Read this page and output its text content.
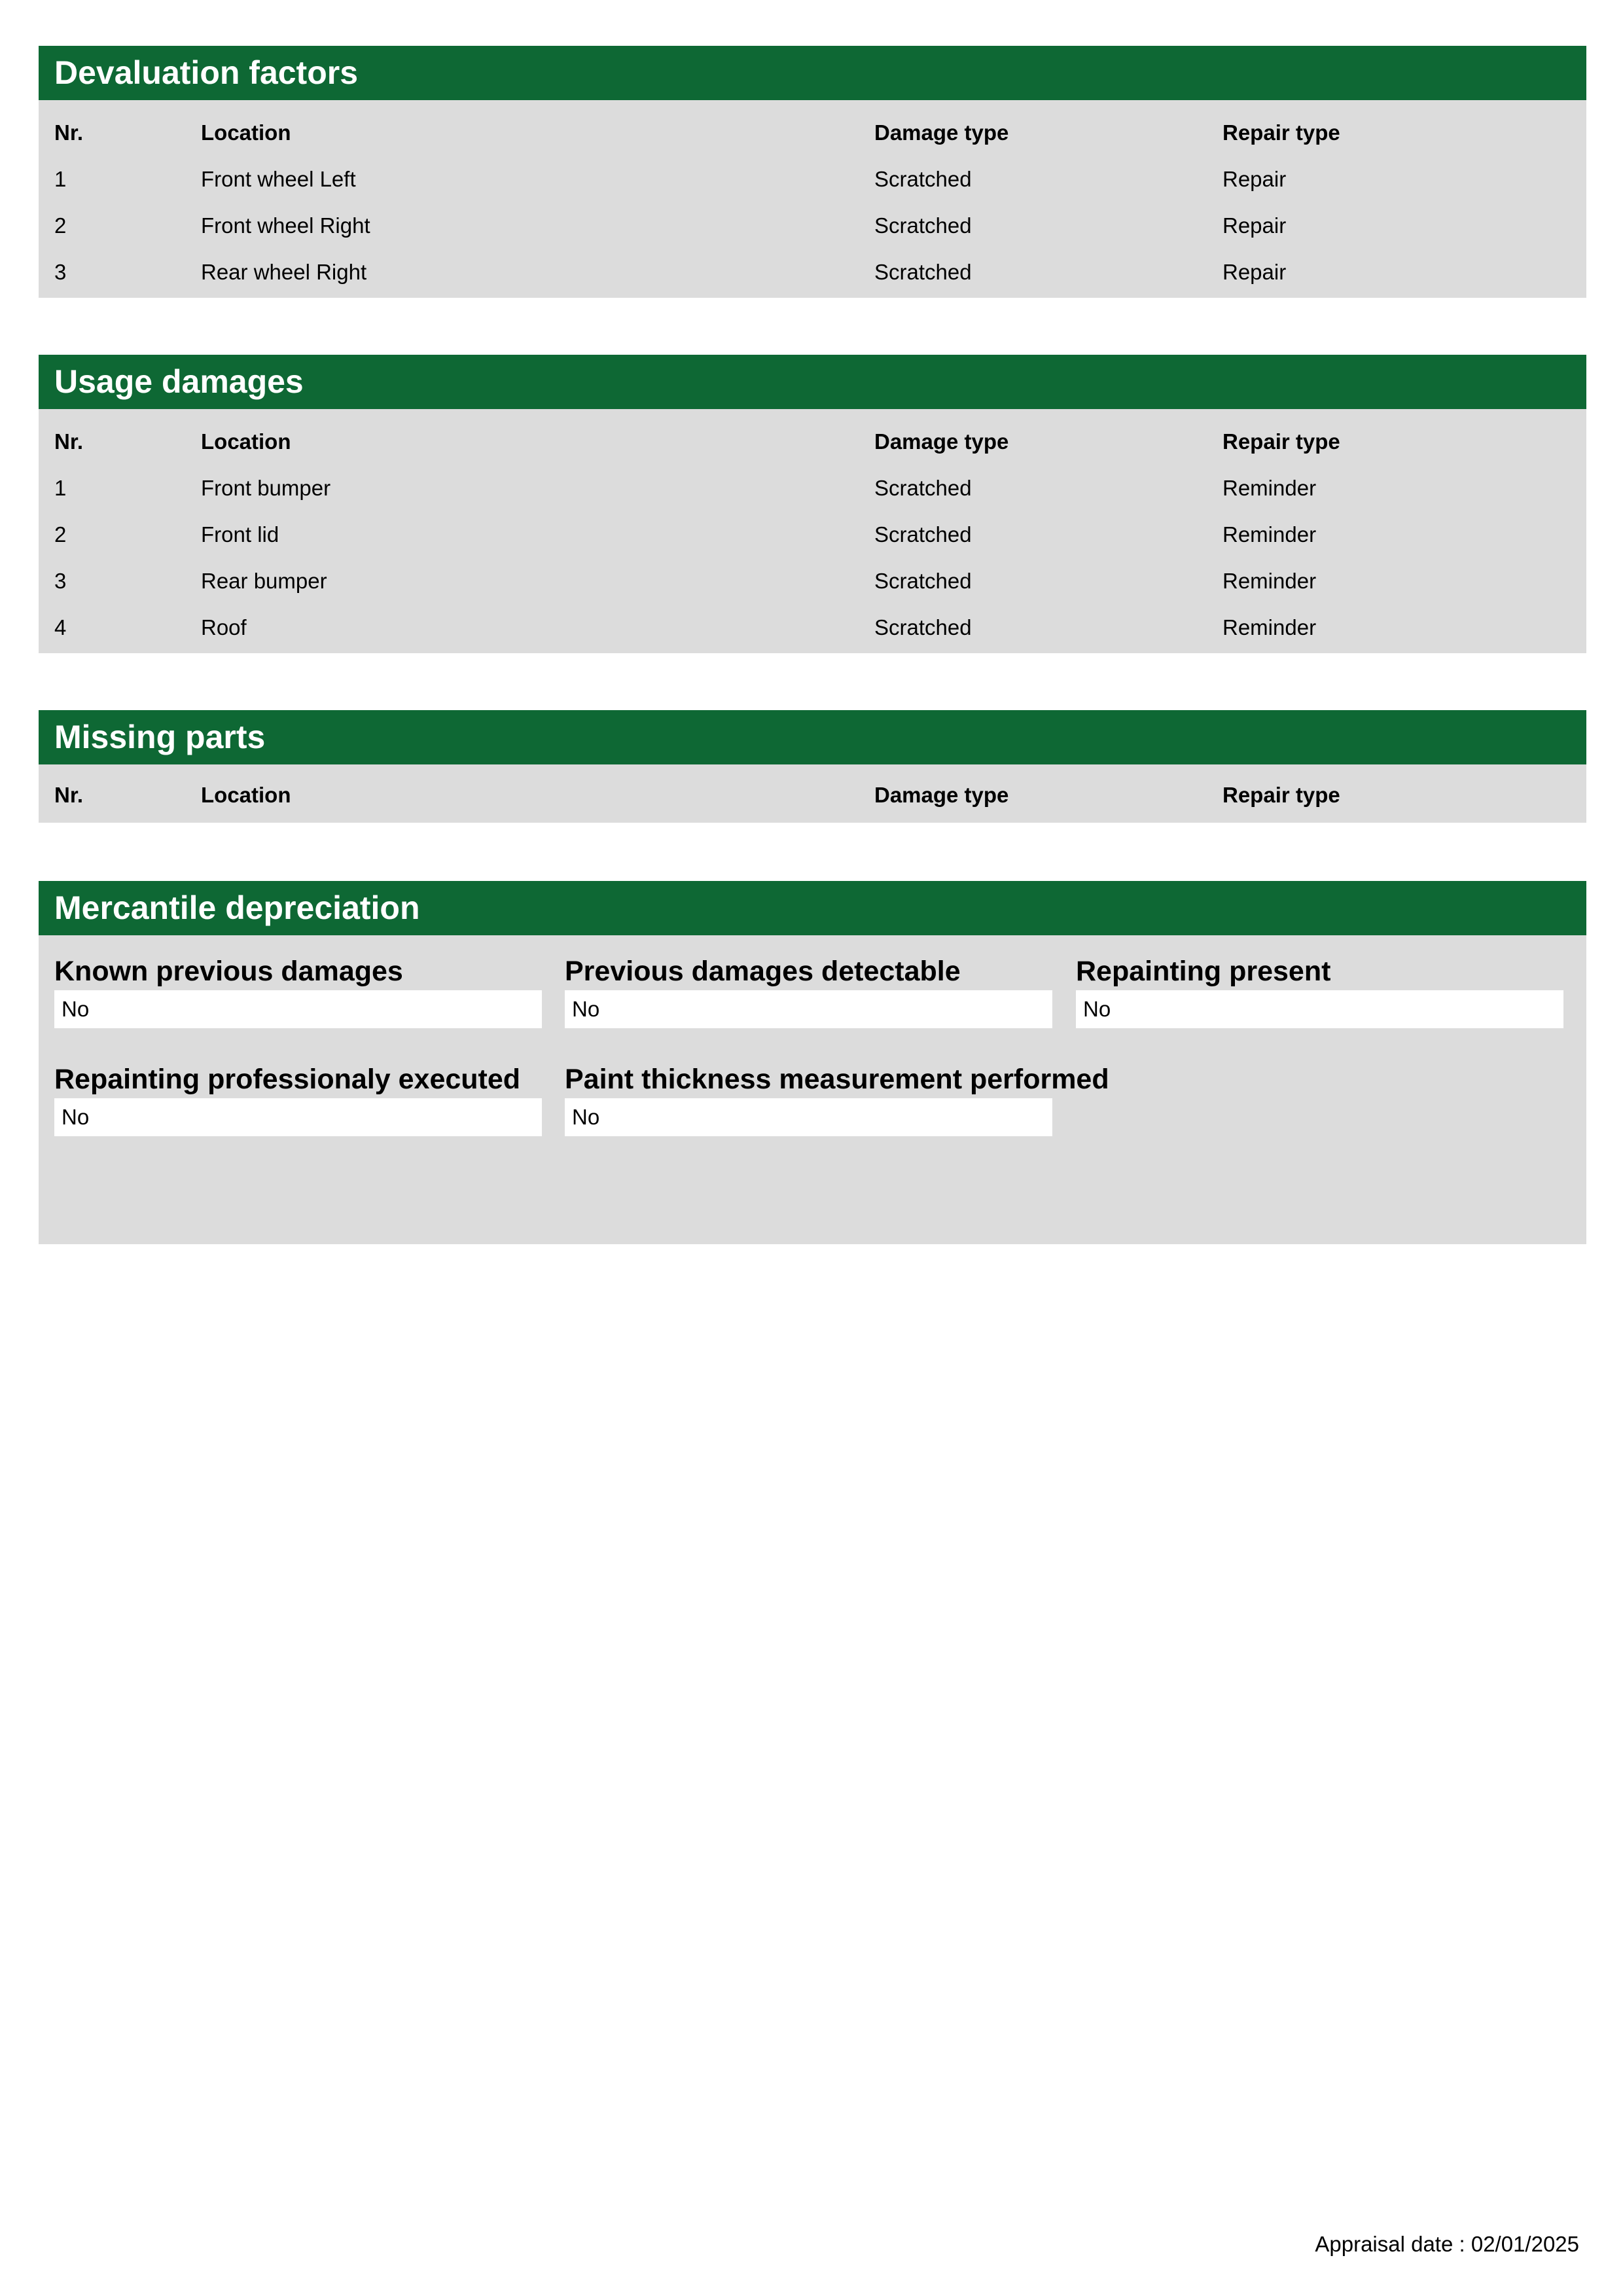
Devaluation factors
Nr.	Location	Damage type	Repair type
1	Front wheel Left	Scratched	Repair
2	Front wheel Right	Scratched	Repair
3	Rear wheel Right	Scratched	Repair
Usage damages
Nr.	Location	Damage type	Repair type
1	Front bumper	Scratched	Reminder
2	Front lid	Scratched	Reminder
3	Rear bumper	Scratched	Reminder
4	Roof	Scratched	Reminder
Missing parts
Nr.	Location	Damage type	Repair type
Mercantile depreciation
Known previous damages
No
Previous damages detectable
No
Repainting present
No
Repainting professionaly executed
No
Paint thickness measurement performed
No
Appraisal date : 02/01/2025
